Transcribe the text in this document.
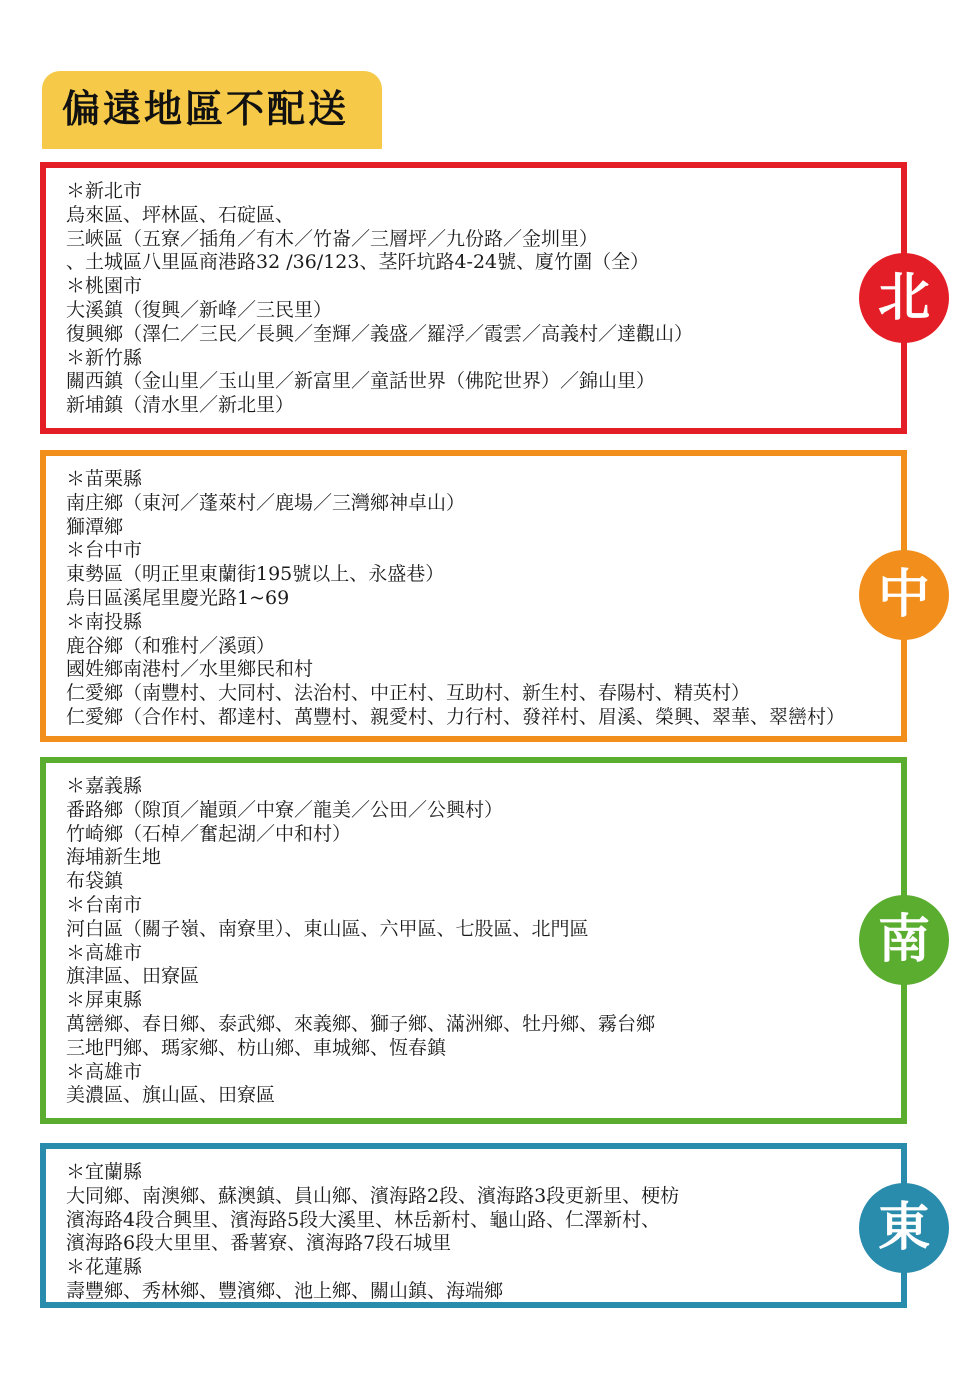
偏遠地區不配送
＊新北市
烏來區、坪林區、石碇區、
三峽區（五寮／插角／有木／竹崙／三層坪／九份路／金圳里）
、土城區八里區商港路32 /36/123、茎阡坑路4-24號、廈竹圍（全）
＊桃園市
大溪鎮（復興／新峰／三民里）
復興鄉（澤仁／三民／長興／奎輝／義盛／羅浮／霞雲／高義村／達觀山）
＊新竹縣
關西鎮（金山里／玉山里／新富里／童話世界（佛陀世界）／錦山里）
新埔鎮（清水里／新北里）
北
＊苗栗縣
南庄鄉（東河／蓬萊村／鹿場／三灣鄉神卓山）
獅潭鄉
＊台中市
東勢區（明正里東蘭街195號以上、永盛巷）
烏日區溪尾里慶光路1~69
＊南投縣
鹿谷鄉（和雅村／溪頭）
國姓鄉南港村／水里鄉民和村
仁愛鄉（南豐村、大同村、法治村、中正村、互助村、新生村、春陽村、精英村）
仁愛鄉（合作村、都達村、萬豐村、親愛村、力行村、發祥村、眉溪、榮興、翠華、翠巒村）
中
＊嘉義縣
番路鄉（隙頂／巃頭／中寮／龍美／公田／公興村）
竹崎鄉（石棹／奮起湖／中和村）
海埔新生地
布袋鎮
＊台南市
河白區（關子嶺、南寮里）、東山區、六甲區、七股區、北門區
＊高雄市
旗津區、田寮區
＊屏東縣
萬巒鄉、春日鄉、泰武鄉、來義鄉、獅子鄉、滿洲鄉、牡丹鄉、霧台鄉
三地門鄉、瑪家鄉、枋山鄉、車城鄉、恆春鎮
＊高雄市
美濃區、旗山區、田寮區
南
＊宜蘭縣
大同鄉、南澳鄉、蘇澳鎮、員山鄉、濱海路2段、濱海路3段更新里、梗枋
濱海路4段合興里、濱海路5段大溪里、林岳新村、龜山路、仁澤新村、
濱海路6段大里里、番薯寮、濱海路7段石城里
＊花蓮縣
壽豐鄉、秀林鄉、豐濱鄉、池上鄉、關山鎮、海端鄉
東
